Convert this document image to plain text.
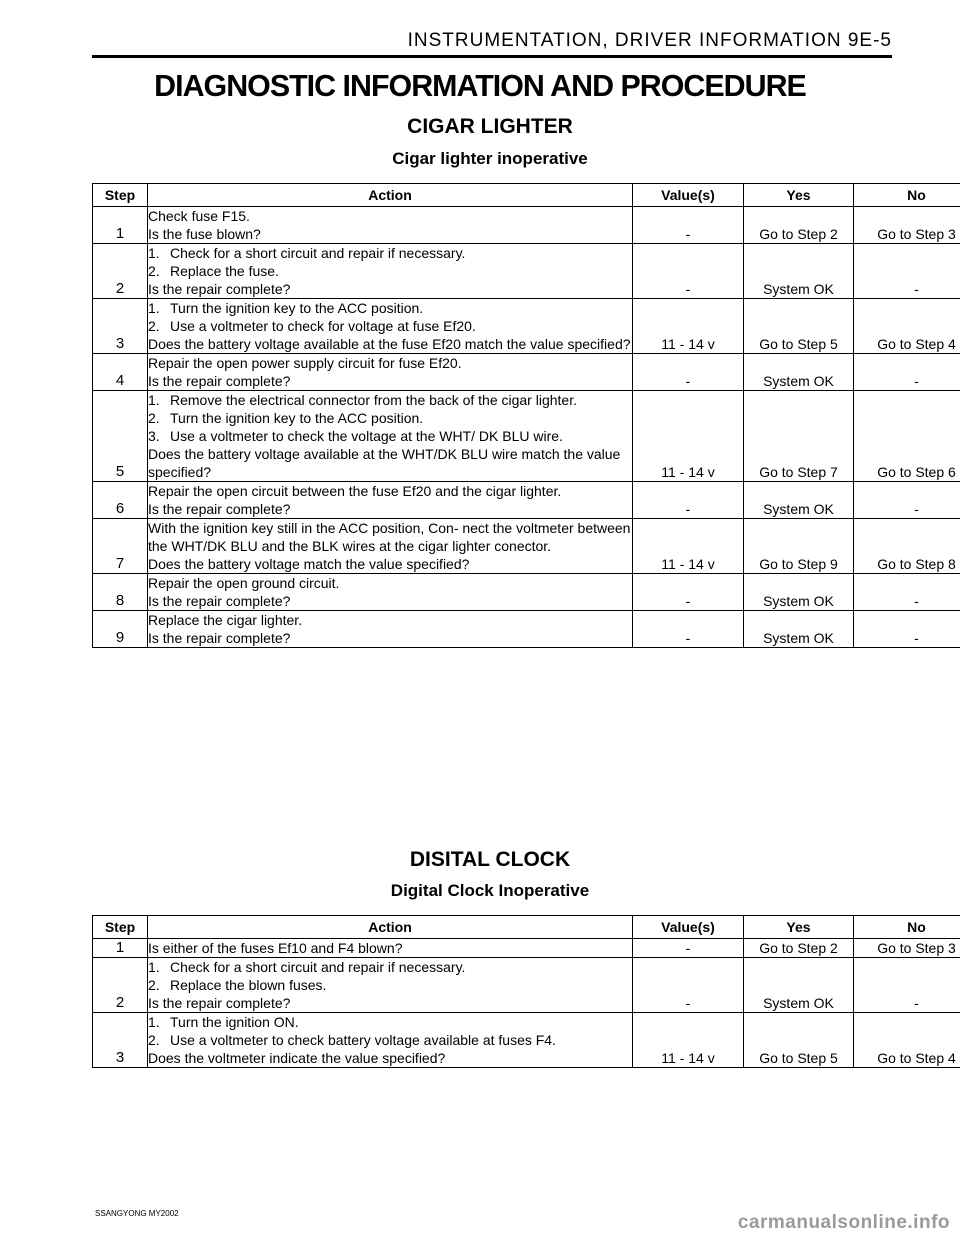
INSTRUMENTATION, DRIVER INFORMATION 9E-5
DIAGNOSTIC INFORMATION AND PROCEDURE
CIGAR LIGHTER
Cigar lighter inoperative
Step	Action	Value(s)	Yes	No
1	Check fuse F15.
Is the fuse blown?	-	Go to Step 2	Go to Step 3
2	1. Check for a short circuit and repair if necessary.
2. Replace the fuse.
Is the repair complete?	-	System OK	-
3	1. Turn the ignition key to the ACC position.
2. Use a voltmeter to check for voltage at fuse Ef20.
Does the battery voltage available at the fuse Ef20 match the value specified?	11 - 14 v	Go to Step 5	Go to Step 4
4	Repair the open power supply circuit for fuse Ef20.
Is the repair complete?	-	System OK	-
5	1. Remove the electrical connector from the back of the cigar lighter.
2. Turn the ignition key to the ACC position.
3. Use a voltmeter to check the voltage at the WHT/ DK BLU wire.
Does the battery voltage available at the WHT/DK BLU wire match the value specified?	11 - 14 v	Go to Step 7	Go to Step 6
6	Repair the open circuit between the fuse Ef20 and the cigar lighter.
Is the repair complete?	-	System OK	-
7	With the ignition key still in the ACC position, Con- nect the voltmeter between the WHT/DK BLU and the BLK wires at the cigar lighter conector.
Does the battery voltage match the value specified?	11 - 14 v	Go to Step 9	Go to Step 8
8	Repair the open ground circuit.
Is the repair complete?	-	System OK	-
9	Replace the cigar lighter.
Is the repair complete?	-	System OK	-
DISITAL CLOCK
Digital Clock Inoperative
Step	Action	Value(s)	Yes	No
1	Is either of the fuses Ef10 and F4 blown?	-	Go to Step 2	Go to Step 3
2	1. Check for a short circuit and repair if necessary.
2. Replace the blown fuses.
Is the repair complete?	-	System OK	-
3	1. Turn the ignition ON.
2. Use a voltmeter to check battery voltage available at fuses F4.
Does the voltmeter indicate the value specified?	11 - 14 v	Go to Step 5	Go to Step 4
SSANGYONG MY2002	carmanualsonline.info
